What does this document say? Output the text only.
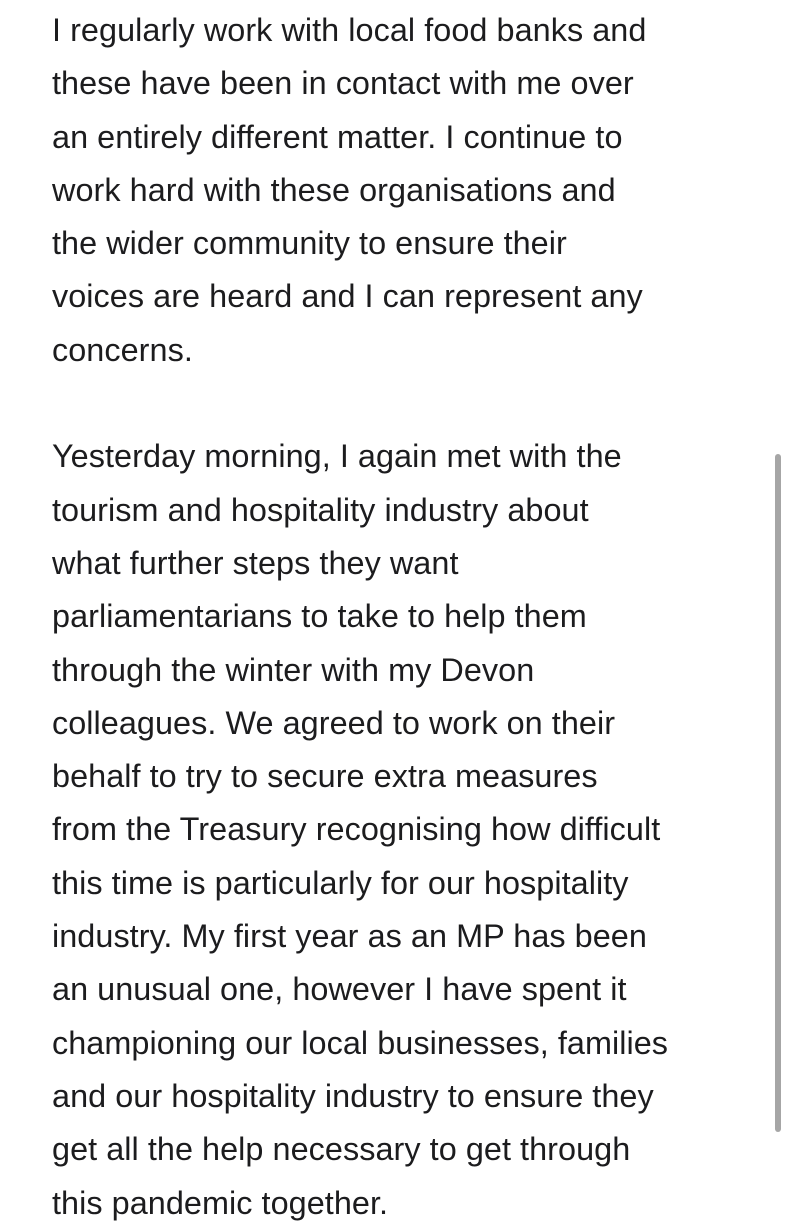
I regularly work with local food banks and
these have been in contact with me over
an entirely different matter. I continue to
work hard with these organisations and
the wider community to ensure their
voices are heard and I can represent any
concerns.
Yesterday morning, I again met with the
tourism and hospitality industry about
what further steps they want
parliamentarians to take to help them
through the winter with my Devon
colleagues. We agreed to work on their
behalf to try to secure extra measures
from the Treasury recognising how difficult
this time is particularly for our hospitality
industry. My first year as an MP has been
an unusual one, however I have spent it
championing our local businesses, families
and our hospitality industry to ensure they
get all the help necessary to get through
this pandemic together.
